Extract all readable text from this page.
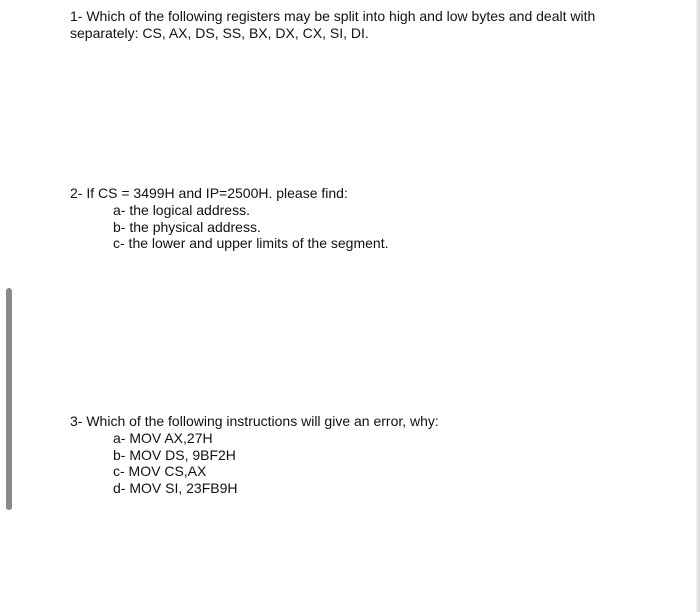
1- Which of the following registers may be split into high and low bytes and dealt with
separately: CS, AX, DS, SS, BX, DX, CX, SI, DI.
2- If CS = 3499H and IP=2500H. please find:
a- the logical address.
b- the physical address.
c- the lower and upper limits of the segment.
3- Which of the following instructions will give an error, why:
a- MOV AX,27H
b- MOV DS, 9BF2H
c- MOV CS,AX
d- MOV SI, 23FB9H
